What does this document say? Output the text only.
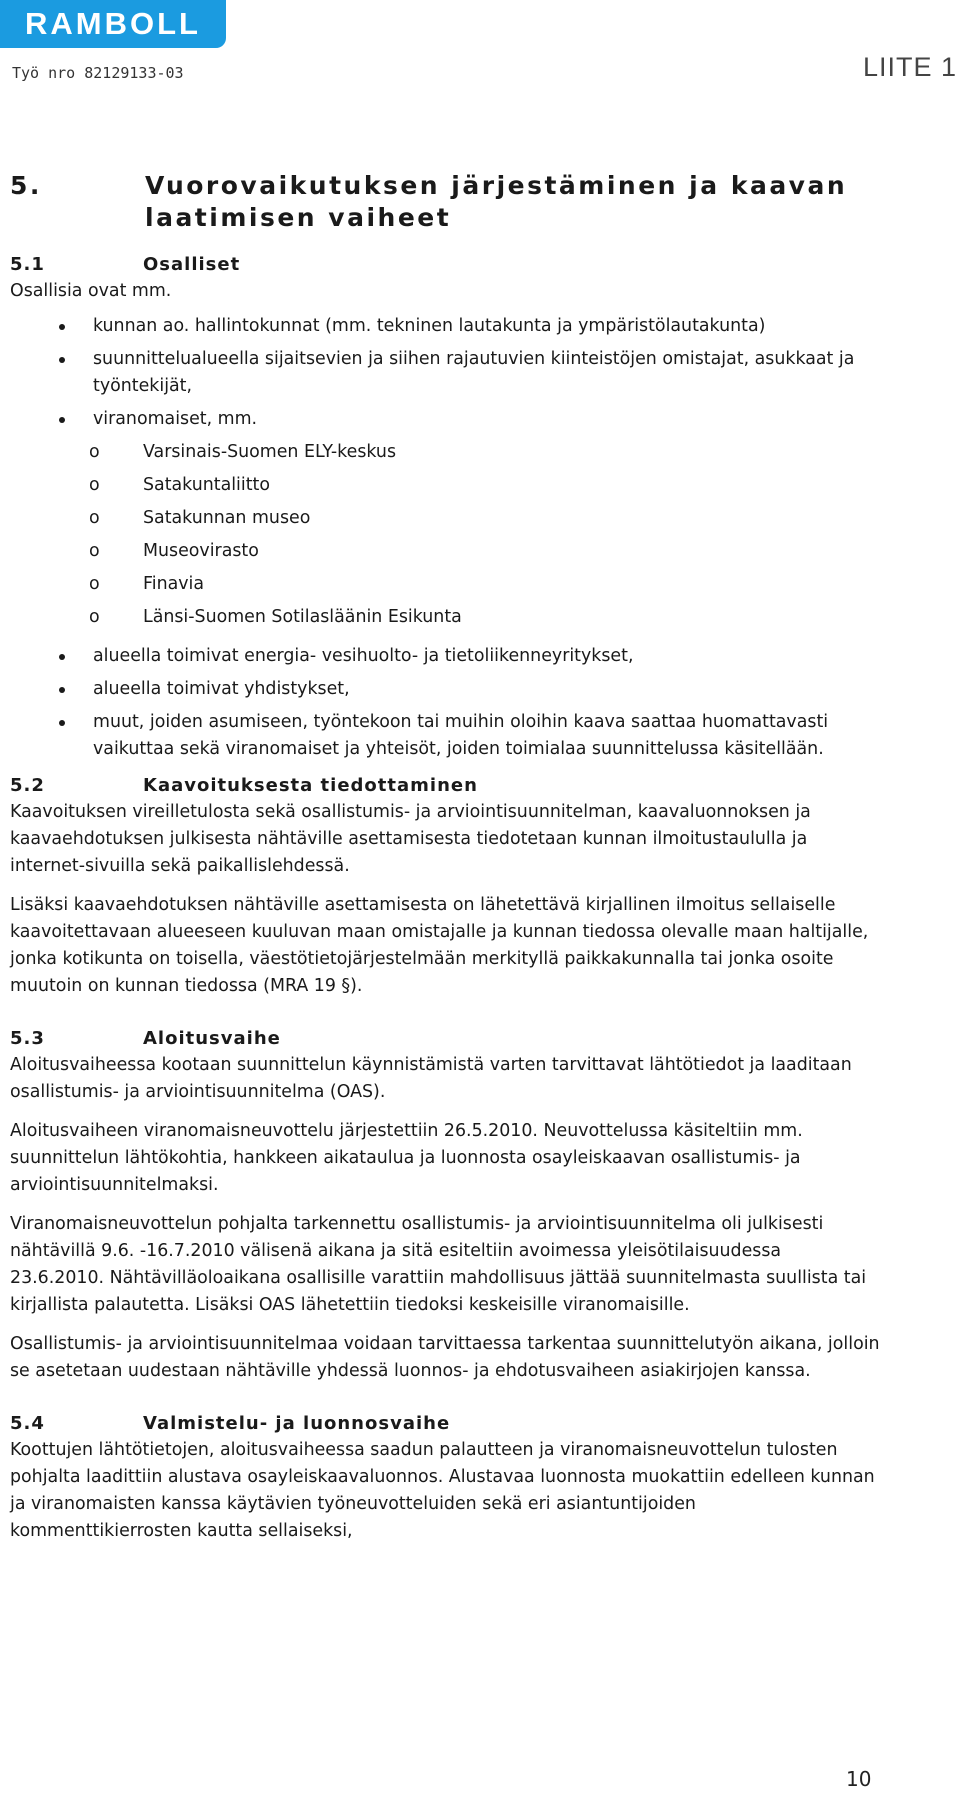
RAMBOLL
Työ nro 82129133-03	LIITE 1
5.	Vuorovaikutuksen järjestäminen ja kaavan laatimisen vaiheet
5.1	Osalliset
Osallisia ovat mm.
kunnan ao. hallintokunnat (mm. tekninen lautakunta ja ympäristölautakunta)
suunnittelualueella sijaitsevien ja siihen rajautuvien kiinteistöjen omistajat, asukkaat ja työntekijät,
viranomaiset, mm.
o Varsinais-Suomen ELY-keskus
o Satakuntaliitto
o Satakunnan museo
o Museovirasto
o Finavia
o Länsi-Suomen Sotilasläänin Esikunta
alueella toimivat energia- vesihuolto- ja tietoliikenneyritykset,
alueella toimivat yhdistykset,
muut, joiden asumiseen, työntekoon tai muihin oloihin kaava saattaa huomattavasti vaikuttaa sekä viranomaiset ja yhteisöt, joiden toimialaa suunnittelussa käsitellään.
5.2	Kaavoituksesta tiedottaminen

Kaavoituksen vireilletulosta sekä osallistumis- ja arviointisuunnitelman, kaavaluonnoksen ja kaavaehdotuksen julkisesta nähtäville asettamisesta tiedotetaan kunnan ilmoitustaululla ja internet-sivuilla sekä paikallislehdessä.

Lisäksi kaavaehdotuksen nähtäville asettamisesta on lähetettävä kirjallinen ilmoitus sellaiselle kaavoitettavaan alueeseen kuuluvan maan omistajalle ja kunnan tiedossa olevalle maan haltijalle, jonka kotikunta on toisella, väestötietojärjestelmään merkityllä paikkakunnalla tai jonka osoite muutoin on kunnan tiedossa (MRA 19 §).

5.3	Aloitusvaihe

Aloitusvaiheessa kootaan suunnittelun käynnistämistä varten tarvittavat lähtötiedot ja laaditaan osallistumis- ja arviointisuunnitelma (OAS).

Aloitusvaiheen viranomaisneuvottelu järjestettiin 26.5.2010. Neuvottelussa käsiteltiin mm. suunnittelun lähtökohtia, hankkeen aikataulua ja luonnosta osayleiskaavan osallistumis- ja arviointisuunnitelmaksi.

Viranomaisneuvottelun pohjalta tarkennettu osallistumis- ja arviointisuunnitelma oli julkisesti nähtävillä 9.6. -16.7.2010 välisenä aikana ja sitä esiteltiin avoimessa yleisötilaisuudessa 23.6.2010. Nähtävilläoloaikana osallisille varattiin mahdollisuus jättää suunnitelmasta suullista tai kirjallista palautetta. Lisäksi OAS lähetettiin tiedoksi keskeisille viranomaisille.

Osallistumis- ja arviointisuunnitelmaa voidaan tarvittaessa tarkentaa suunnittelutyön aikana, jolloin se asetetaan uudestaan nähtäville yhdessä luonnos- ja ehdotusvaiheen asiakirjojen kanssa.

5.4	Valmistelu- ja luonnosvaihe

Koottujen lähtötietojen, aloitusvaiheessa saadun palautteen ja viranomaisneuvottelun tulosten pohjalta laadittiin alustava osayleiskaavaluonnos. Alustavaa luonnosta muokattiin edelleen kunnan ja viranomaisten kanssa käytävien työneuvotteluiden sekä eri asiantuntijoiden kommenttikierrosten kautta sellaiseksi,

10
